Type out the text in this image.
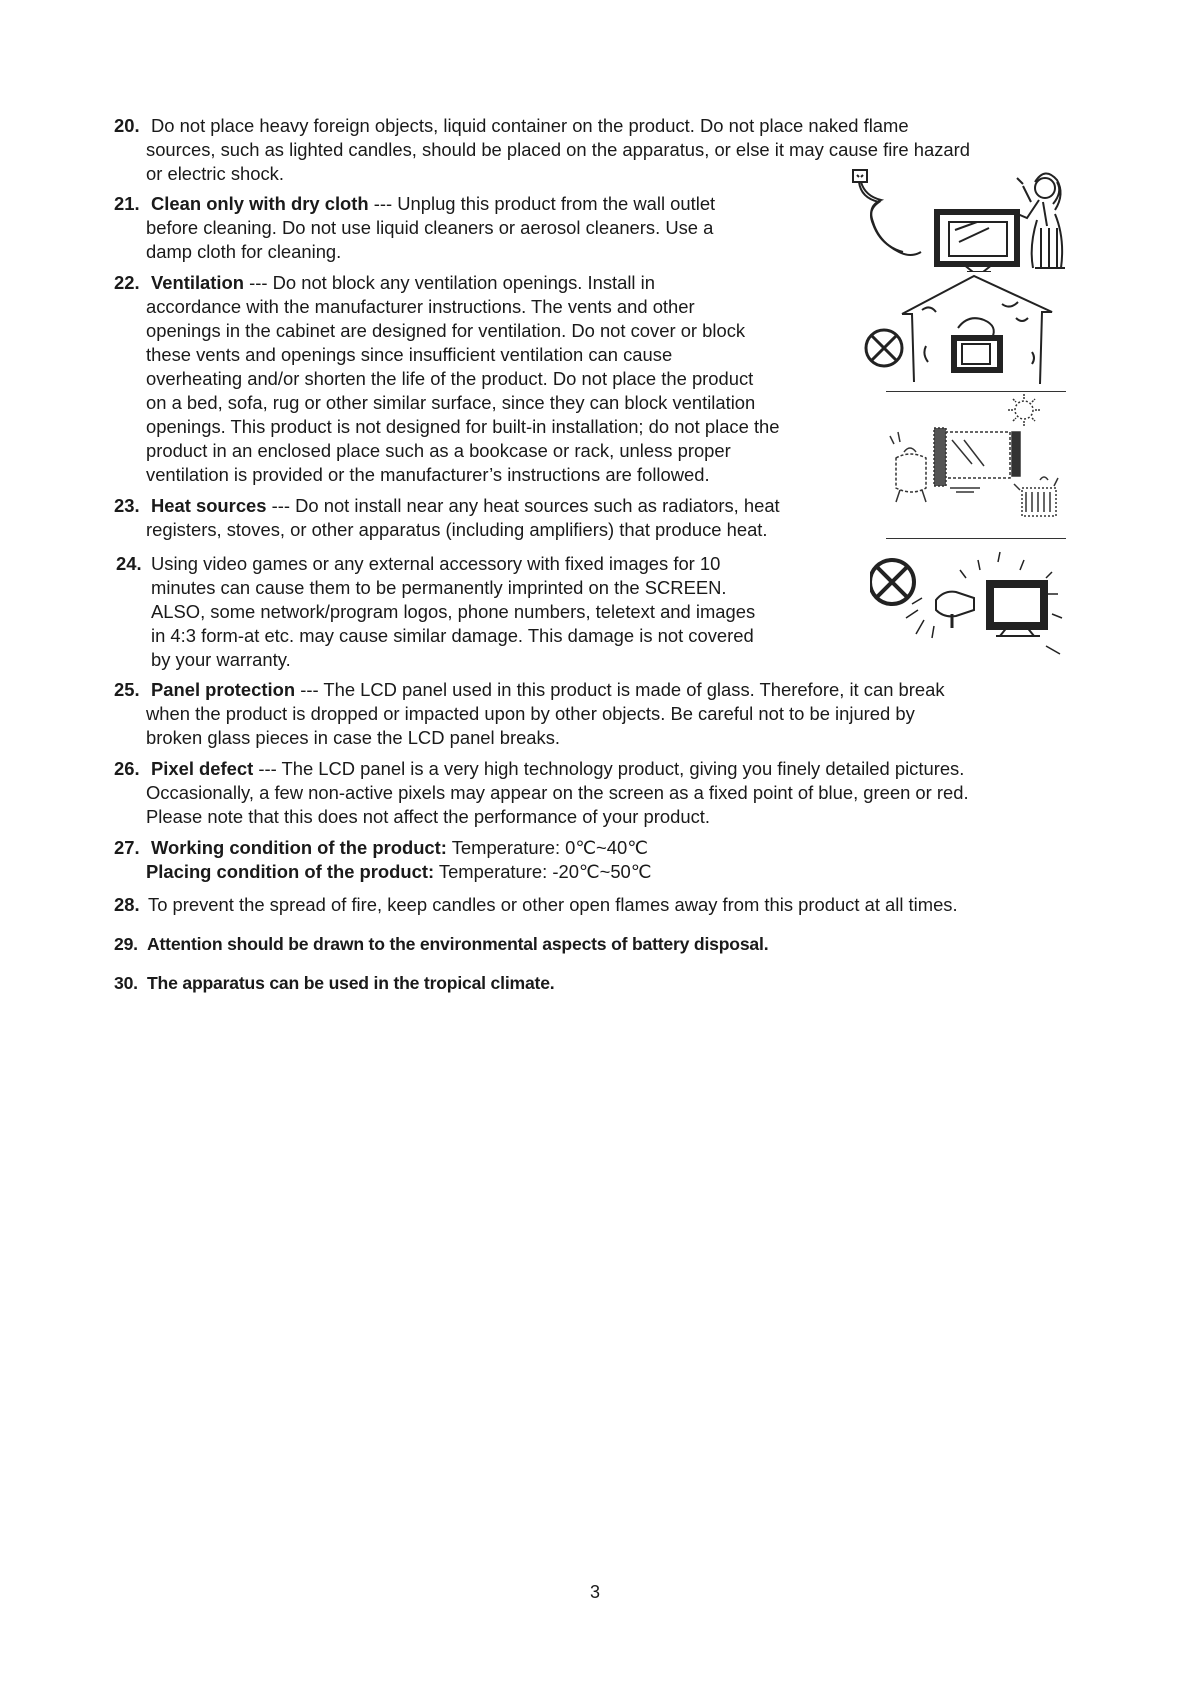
20. Do not place heavy foreign objects, liquid container on the product. Do not place naked flame
sources, such as lighted candles, should be placed on the apparatus, or else it may cause fire hazard
or electric shock.
21. Clean only with dry cloth --- Unplug this product from the wall outlet
before cleaning. Do not use liquid cleaners or aerosol cleaners. Use a
damp cloth for cleaning.
22. Ventilation --- Do not block any ventilation openings. Install in
accordance with the manufacturer instructions. The vents and other
openings in the cabinet are designed for ventilation. Do not cover or block
these vents and openings since insufficient ventilation can cause
overheating and/or shorten the life of the product. Do not place the product
on a bed, sofa, rug or other similar surface, since they can block ventilation
openings. This product is not designed for built-in installation; do not place the
product in an enclosed place such as a bookcase or rack, unless proper
ventilation is provided or the manufacturer’s instructions are followed.
23. Heat sources --- Do not install near any heat sources such as radiators, heat
registers, stoves, or other apparatus (including amplifiers) that produce heat.
24. Using video games or any external accessory with fixed images for 10
minutes can cause them to be permanently imprinted on the SCREEN.
ALSO, some network/program logos, phone numbers, teletext and images
in 4:3 form-at etc. may cause similar damage. This damage is not covered
by your warranty.
25. Panel protection --- The LCD panel used in this product is made of glass. Therefore, it can break
when the product is dropped or impacted upon by other objects. Be careful not to be injured by
broken glass pieces in case the LCD panel breaks.
26. Pixel defect --- The LCD panel is a very high technology product, giving you finely detailed pictures.
Occasionally, a few non-active pixels may appear on the screen as a fixed point of blue, green or red.
Please note that this does not affect the performance of your product.
27. Working condition of the product: Temperature: 0℃~40℃
Placing condition of the product: Temperature: -20℃~50℃
28. To prevent the spread of fire, keep candles or other open flames away from this product at all times.
29. Attention should be drawn to the environmental aspects of battery disposal.
30. The apparatus can be used in the tropical climate.
3
